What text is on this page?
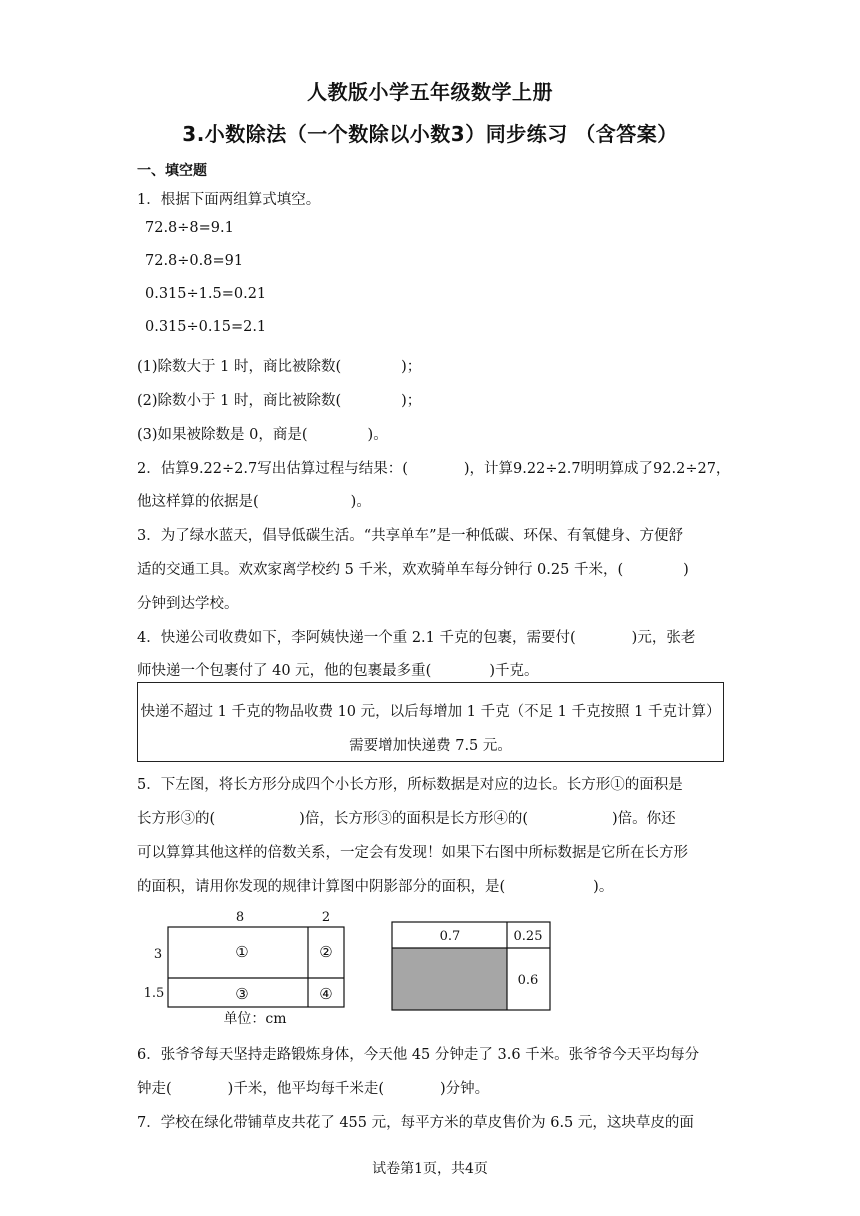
人教版小学五年级数学上册
3.小数除法（一个数除以小数3）同步练习 （含答案）
一、填空题
1．根据下面两组算式填空。
72.8÷8=9.1
72.8÷0.8=91
0.315÷1.5=0.21
0.315÷0.15=2.1
(1)除数大于 1 时，商比被除数(	)；
(2)除数小于 1 时，商比被除数(	)；
(3)如果被除数是 0，商是(	)。
2．估算9.22÷2.7写出估算过程与结果：(	)，计算9.22÷2.7明明算成了92.2÷27，
他这样算的依据是(	)。
3．为了绿水蓝天，倡导低碳生活。“共享单车”是一种低碳、环保、有氧健身、方便舒
适的交通工具。欢欢家离学校约 5 千米，欢欢骑单车每分钟行 0.25 千米，(	)
分钟到达学校。
4．快递公司收费如下，李阿姨快递一个重 2.1 千克的包裹，需要付(	)元，张老
师快递一个包裹付了 40 元，他的包裹最多重(	)千克。
快递不超过 1 千克的物品收费 10 元，以后每增加 1 千克（不足 1 千克按照 1 千克计算）
需要增加快递费 7.5 元。
5．下左图，将长方形分成四个小长方形，所标数据是对应的边长。长方形①的面积是
长方形③的(	)倍，长方形③的面积是长方形④的(	)倍。你还
可以算算其他这样的倍数关系，一定会有发现！如果下右图中所标数据是它所在长方形
的面积，请用你发现的规律计算图中阴影部分的面积，是(	)。
8	2
3
1.5
①	②
③	④
单位：cm
0.7	0.25
0.6
6．张爷爷每天坚持走路锻炼身体，今天他 45 分钟走了 3.6 千米。张爷爷今天平均每分
钟走(	)千米，他平均每千米走(	)分钟。
7．学校在绿化带铺草皮共花了 455 元，每平方米的草皮售价为 6.5 元，这块草皮的面
试卷第1页，共4页
